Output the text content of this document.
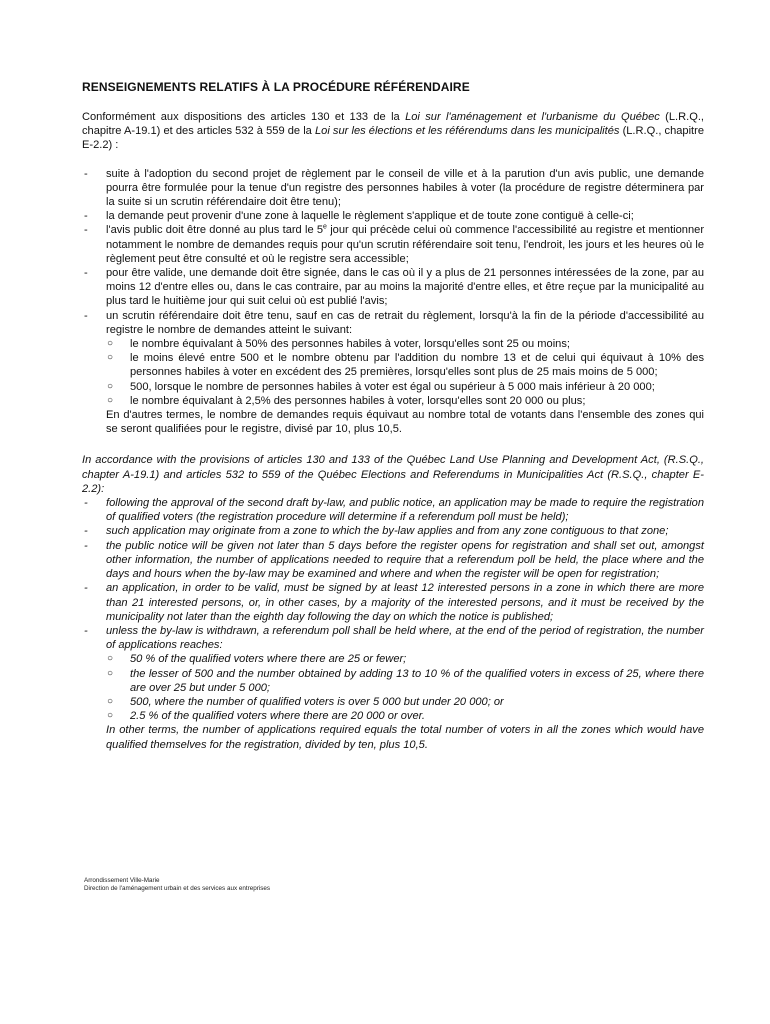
RENSEIGNEMENTS RELATIFS À LA PROCÉDURE RÉFÉRENDAIRE

Conformément aux dispositions des articles 130 et 133 de la Loi sur l'aménagement et l'urbanisme du Québec (L.R.Q., chapitre A-19.1) et des articles 532 à 559 de la Loi sur les élections et les référendums dans les municipalités (L.R.Q., chapitre E-2.2) :

- suite à l'adoption du second projet de règlement par le conseil de ville et à la parution d'un avis public, une demande pourra être formulée pour la tenue d'un registre des personnes habiles à voter (la procédure de registre déterminera par la suite si un scrutin référendaire doit être tenu);
- la demande peut provenir d'une zone à laquelle le règlement s'applique et de toute zone contiguë à celle-ci;
- l'avis public doit être donné au plus tard le 5e jour qui précède celui où commence l'accessibilité au registre et mentionner notamment le nombre de demandes requis pour qu'un scrutin référendaire soit tenu, l'endroit, les jours et les heures où le règlement peut être consulté et où le registre sera accessible;
- pour être valide, une demande doit être signée, dans le cas où il y a plus de 21 personnes intéressées de la zone, par au moins 12 d'entre elles ou, dans le cas contraire, par au moins la majorité d'entre elles, et être reçue par la municipalité au plus tard le huitième jour qui suit celui où est publié l'avis;
- un scrutin référendaire doit être tenu, sauf en cas de retrait du règlement, lorsqu'à la fin de la période d'accessibilité au registre le nombre de demandes atteint le suivant:
○ le nombre équivalant à 50% des personnes habiles à voter, lorsqu'elles sont 25 ou moins;
○ le moins élevé entre 500 et le nombre obtenu par l'addition du nombre 13 et de celui qui équivaut à 10% des personnes habiles à voter en excédent des 25 premières, lorsqu'elles sont plus de 25 mais moins de 5 000;
○ 500, lorsque le nombre de personnes habiles à voter est égal ou supérieur à 5 000 mais inférieur à 20 000;
○ le nombre équivalant à 2,5% des personnes habiles à voter, lorsqu'elles sont 20 000 ou plus;

En d'autres termes, le nombre de demandes requis équivaut au nombre total de votants dans l'ensemble des zones qui se seront qualifiées pour le registre, divisé par 10, plus 10,5.

In accordance with the provisions of articles 130 and 133 of the Québec Land Use Planning and Development Act, (R.S.Q., chapter A-19.1) and articles 532 to 559 of the Québec Elections and Referendums in Municipalities Act (R.S.Q., chapter E-2.2):

- following the approval of the second draft by-law, and public notice, an application may be made to require the registration of qualified voters (the registration procedure will determine if a referendum poll must be held);
- such application may originate from a zone to which the by-law applies and from any zone contiguous to that zone;
- the public notice will be given not later than 5 days before the register opens for registration and shall set out, amongst other information, the number of applications needed to require that a referendum poll be held, the place where and the days and hours when the by-law may be examined and where and when the register will be open for registration;
- an application, in order to be valid, must be signed by at least 12 interested persons in a zone in which there are more than 21 interested persons, or, in other cases, by a majority of the interested persons, and it must be received by the municipality not later than the eighth day following the day on which the notice is published;
- unless the by-law is withdrawn, a referendum poll shall be held where, at the end of the period of registration, the number of applications reaches:
○ 50 % of the qualified voters where there are 25 or fewer;
○ the lesser of 500 and the number obtained by adding 13 to 10 % of the qualified voters in excess of 25, where there are over 25 but under 5 000;
○ 500, where the number of qualified voters is over 5 000 but under 20 000; or
○ 2.5 % of the qualified voters where there are 20 000 or over.

In other terms, the number of applications required equals the total number of voters in all the zones which would have qualified themselves for the registration, divided by ten, plus 10,5.

Arrondissement Ville-Marie
Direction de l'aménagement urbain et des services aux entreprises
